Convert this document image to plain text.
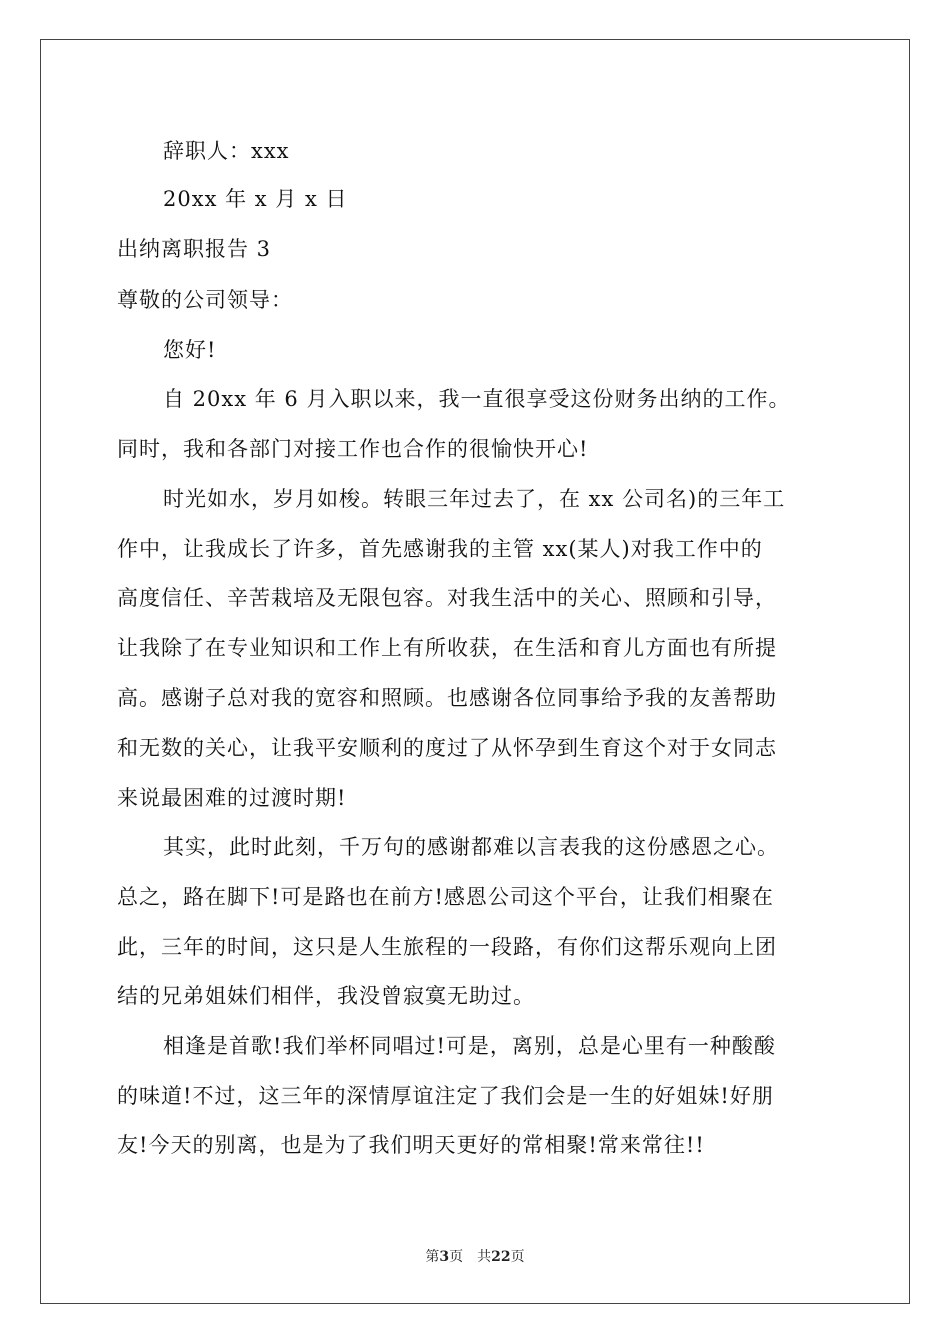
辞职人：xxx
20xx 年 x 月 x 日
出纳离职报告 3
尊敬的公司领导：
您好!
自 20xx 年 6 月入职以来，我一直很享受这份财务出纳的工作。
同时，我和各部门对接工作也合作的很愉快开心!
时光如水，岁月如梭。转眼三年过去了，在 xx 公司名)的三年工
作中，让我成长了许多，首先感谢我的主管 xx(某人)对我工作中的
高度信任、辛苦栽培及无限包容。对我生活中的关心、照顾和引导，
让我除了在专业知识和工作上有所收获，在生活和育儿方面也有所提
高。感谢子总对我的宽容和照顾。也感谢各位同事给予我的友善帮助
和无数的关心，让我平安顺利的度过了从怀孕到生育这个对于女同志
来说最困难的过渡时期!
其实，此时此刻，千万句的感谢都难以言表我的这份感恩之心。
总之，路在脚下!可是路也在前方!感恩公司这个平台，让我们相聚在
此，三年的时间，这只是人生旅程的一段路，有你们这帮乐观向上团
结的兄弟姐妹们相伴，我没曾寂寞无助过。
相逢是首歌!我们举杯同唱过!可是，离别，总是心里有一种酸酸
的味道!不过，这三年的深情厚谊注定了我们会是一生的好姐妹!好朋
友!今天的别离，也是为了我们明天更好的常相聚!常来常往!!
第3页　共22页
